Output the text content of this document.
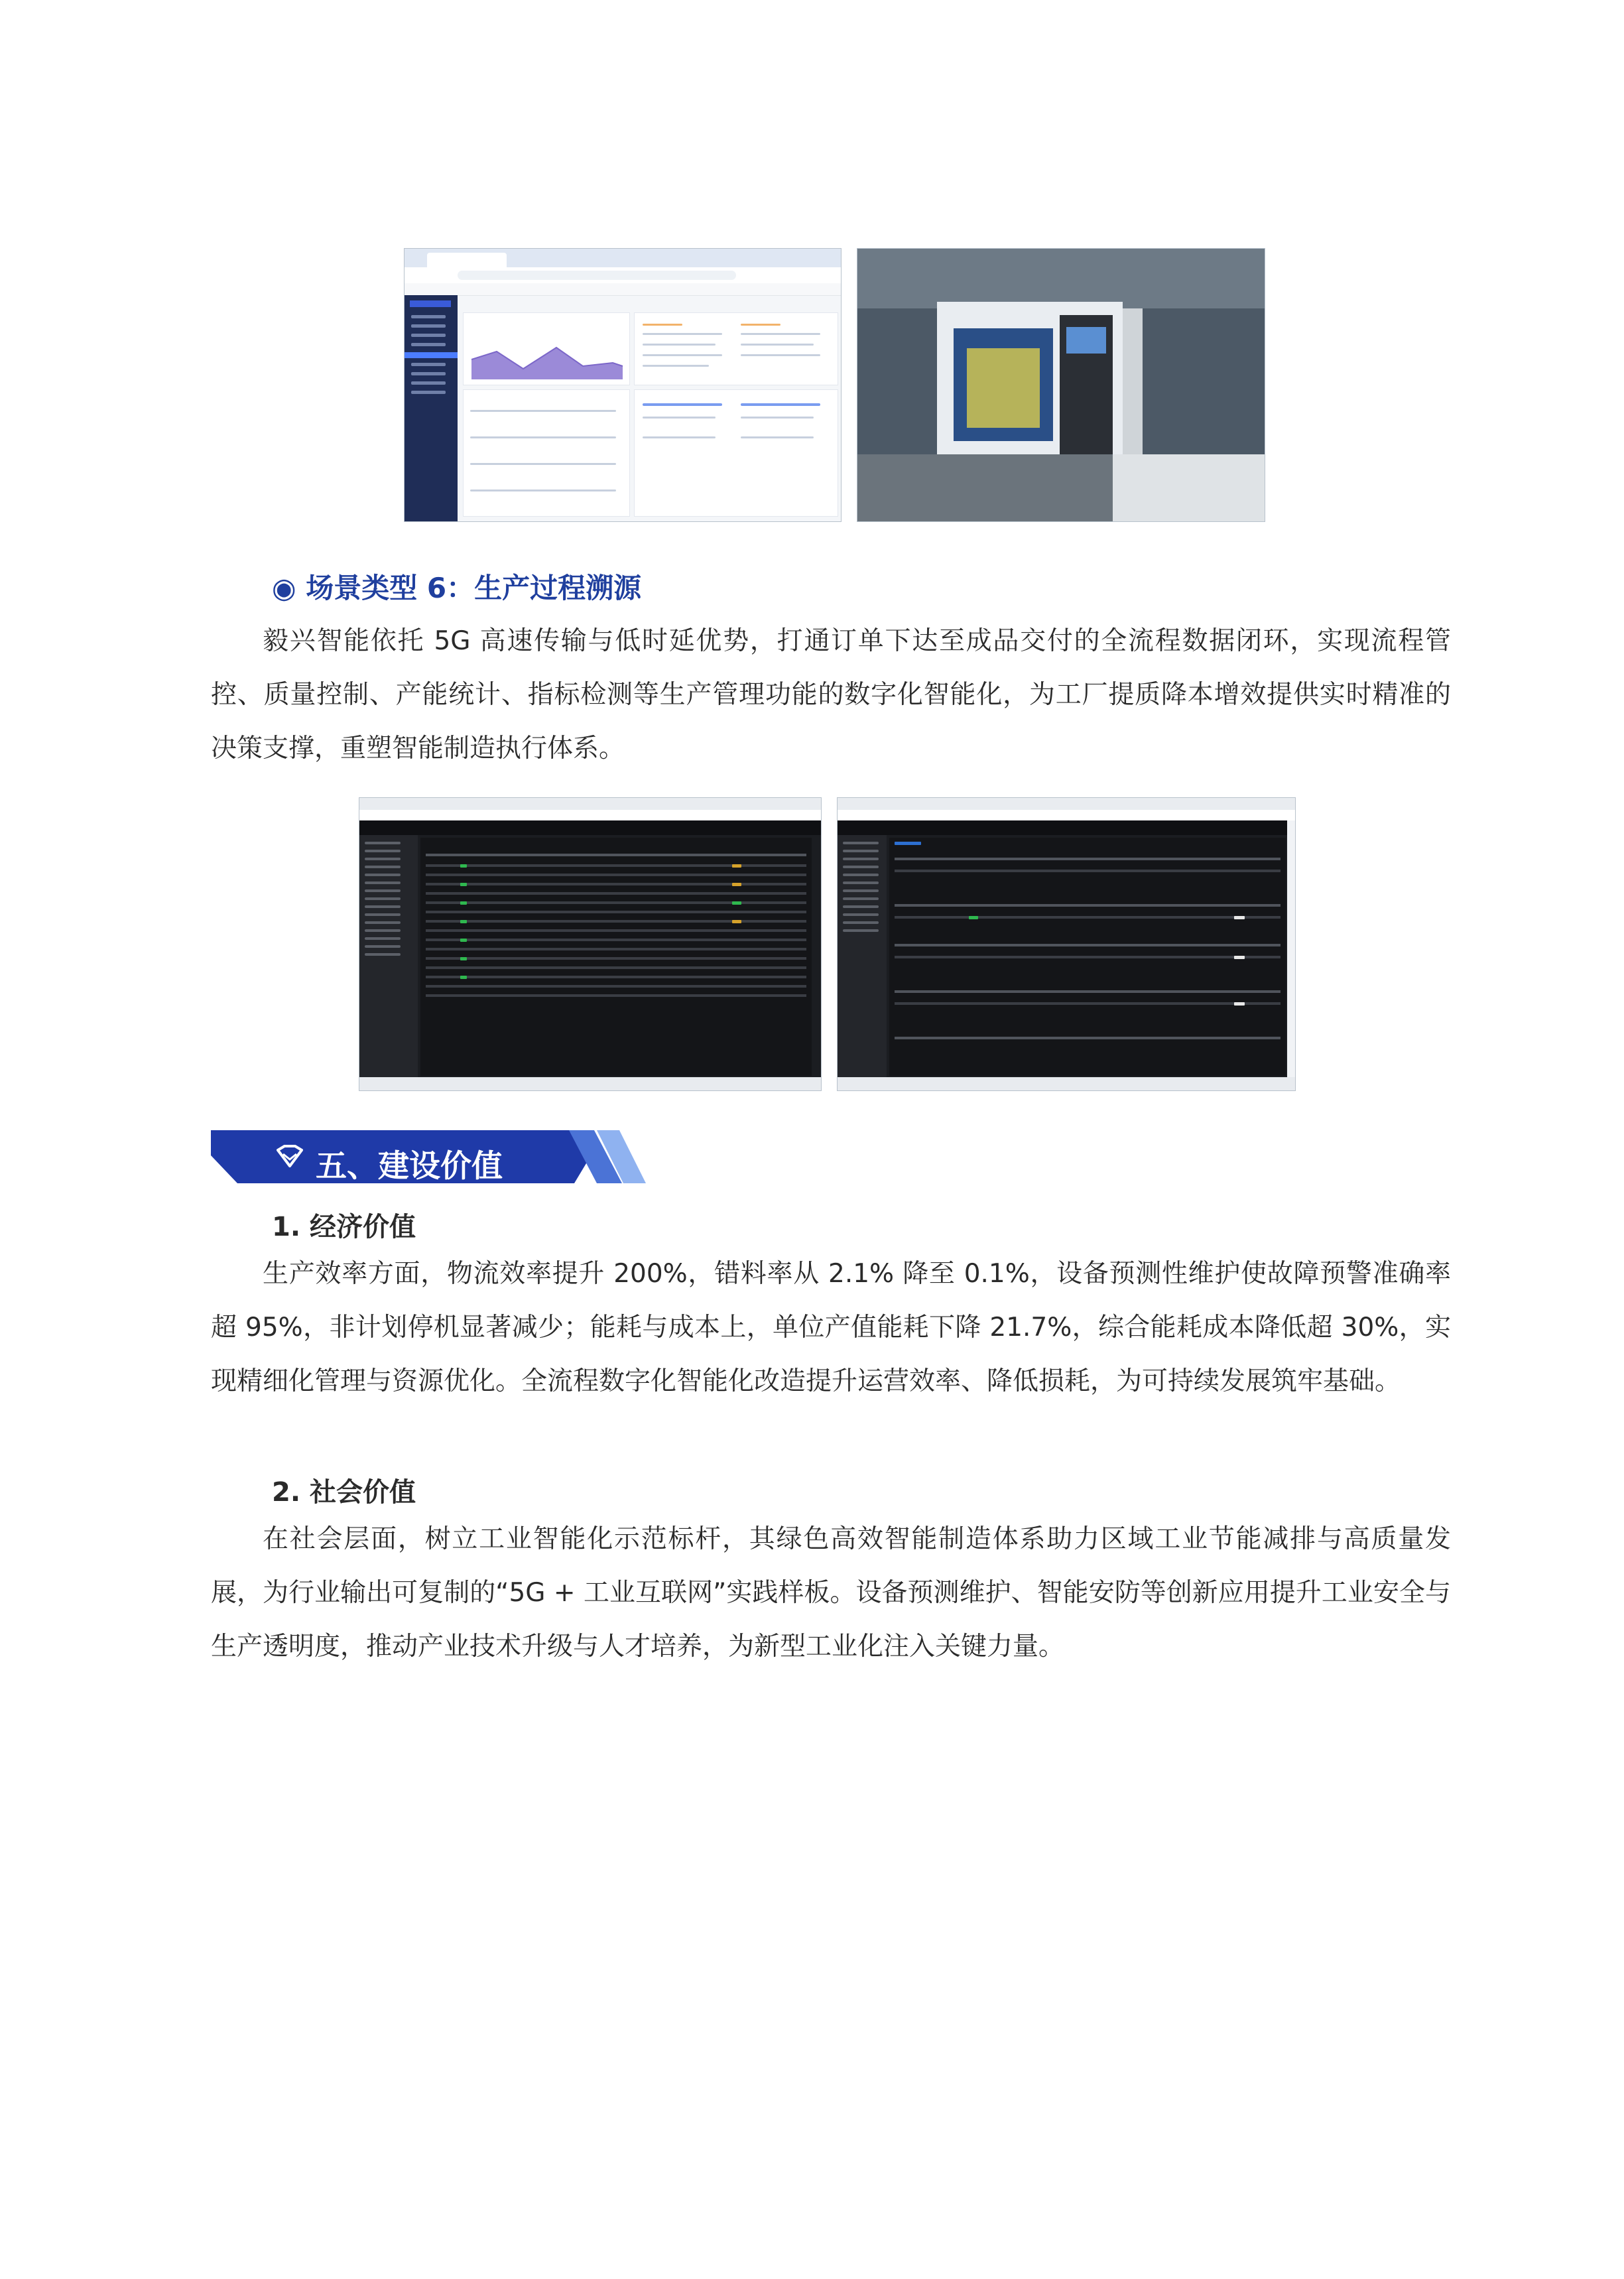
◉ 场景类型 6：生产过程溯源
毅兴智能依托 5G 高速传输与低时延优势，打通订单下达至成品交付的全流程数据闭环，实现流程管控、质量控制、产能统计、指标检测等生产管理功能的数字化智能化，为工厂提质降本增效提供实时精准的决策支撑，重塑智能制造执行体系。
五、建设价值
1. 经济价值
生产效率方面，物流效率提升 200%，错料率从 2.1% 降至 0.1%，设备预测性维护使故障预警准确率超 95%，非计划停机显著减少；能耗与成本上，单位产值能耗下降 21.7%，综合能耗成本降低超 30%，实现精细化管理与资源优化。全流程数字化智能化改造提升运营效率、降低损耗，为可持续发展筑牢基础。
2. 社会价值
在社会层面，树立工业智能化示范标杆，其绿色高效智能制造体系助力区域工业节能减排与高质量发展，为行业输出可复制的“5G + 工业互联网”实践样板。设备预测维护、智能安防等创新应用提升工业安全与生产透明度，推动产业技术升级与人才培养，为新型工业化注入关键力量。
